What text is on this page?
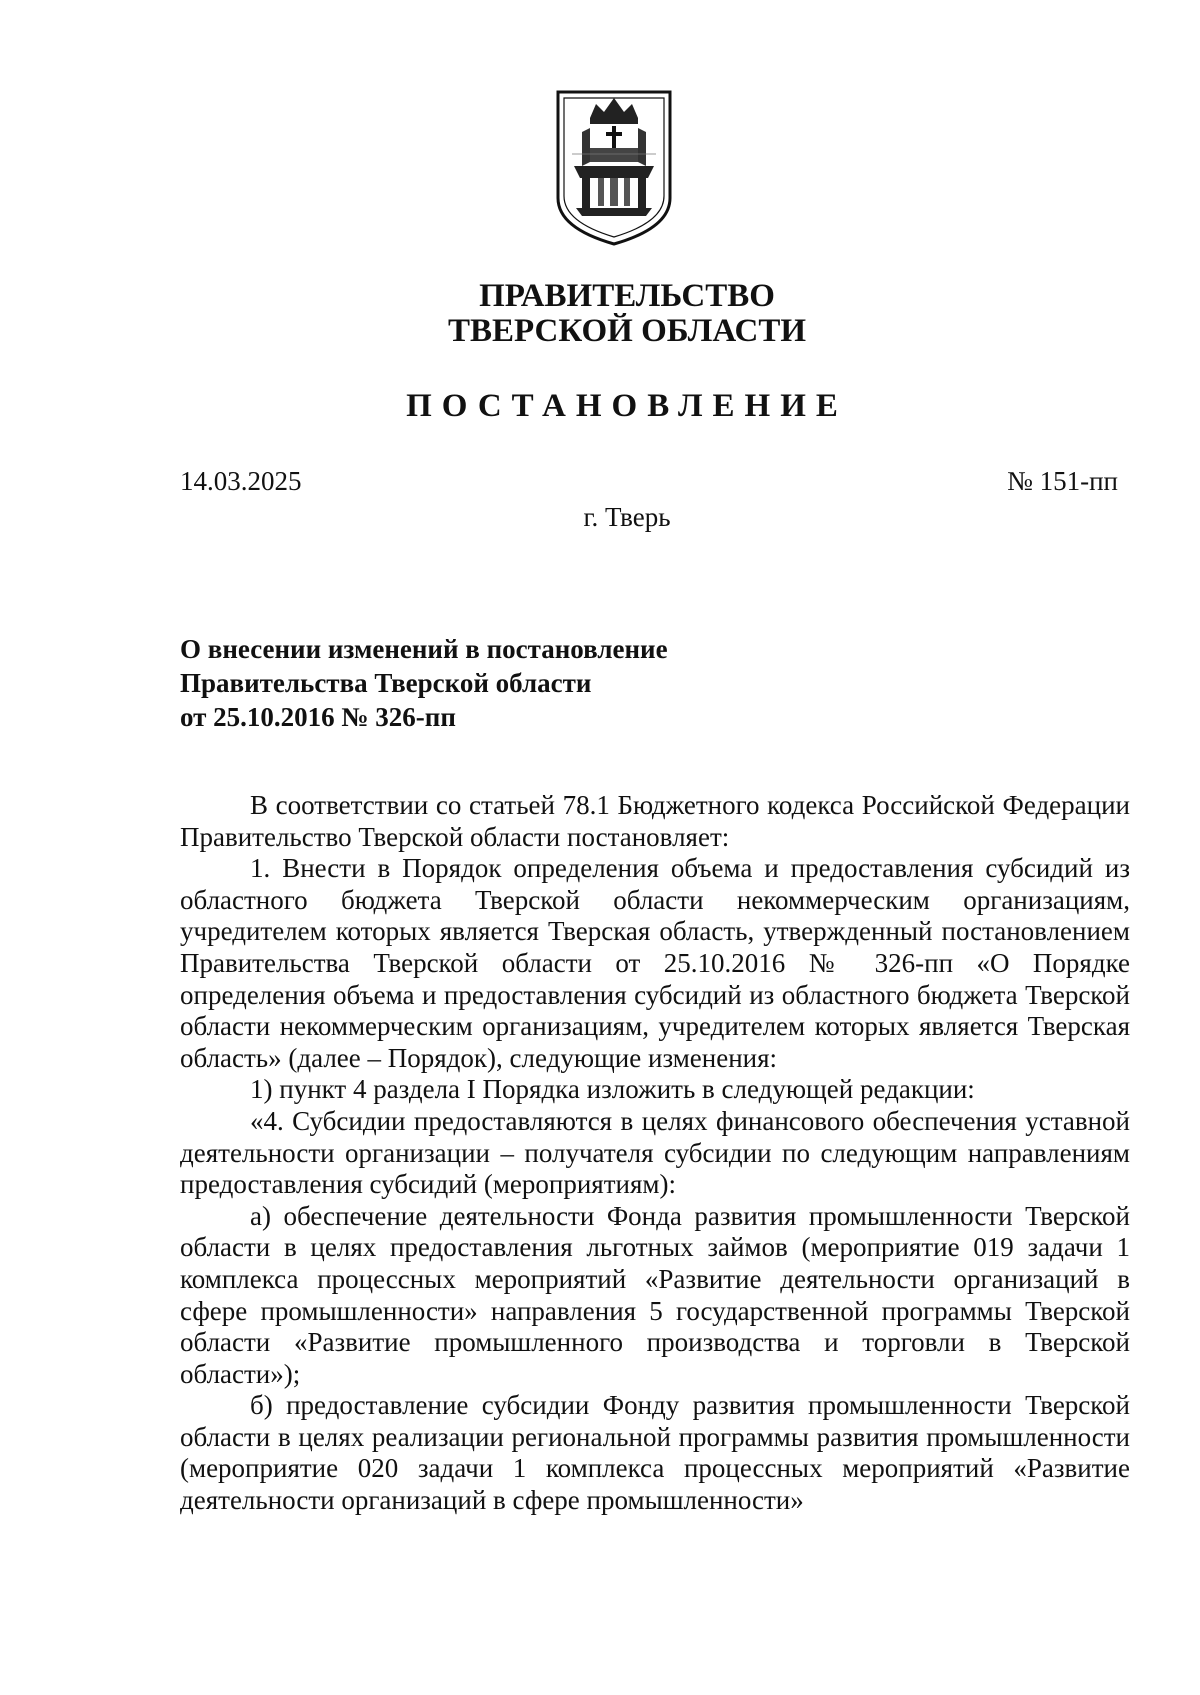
ПРАВИТЕЛЬСТВО
ТВЕРСКОЙ ОБЛАСТИ
ПОСТАНОВЛЕНИЕ
14.03.2025	№ 151-пп
г. Тверь
О внесении изменений в постановление
Правительства Тверской области
от 25.10.2016 № 326-пп

В соответствии со статьей 78.1 Бюджетного кодекса Российской Федерации Правительство Тверской области постановляет:

1. Внести в Порядок определения объема и предоставления субсидий из областного бюджета Тверской области некоммерческим организациям, учредителем которых является Тверская область, утвержденный постановлением Правительства Тверской области от 25.10.2016 № 326-пп «О Порядке определения объема и предоставления субсидий из областного бюджета Тверской области некоммерческим организациям, учредителем которых является Тверская область» (далее – Порядок), следующие изменения:

1) пункт 4 раздела I Порядка изложить в следующей редакции:

«4. Субсидии предоставляются в целях финансового обеспечения уставной деятельности организации – получателя субсидии по следующим направлениям предоставления субсидий (мероприятиям):

а) обеспечение деятельности Фонда развития промышленности Тверской области в целях предоставления льготных займов (мероприятие 019 задачи 1 комплекса процессных мероприятий «Развитие деятельности организаций в сфере промышленности» направления 5 государственной программы Тверской области «Развитие промышленного производства и торговли в Тверской области»);

б) предоставление субсидии Фонду развития промышленности Тверской области в целях реализации региональной программы развития промышленности (мероприятие 020 задачи 1 комплекса процессных мероприятий «Развитие деятельности организаций в сфере промышленности»
